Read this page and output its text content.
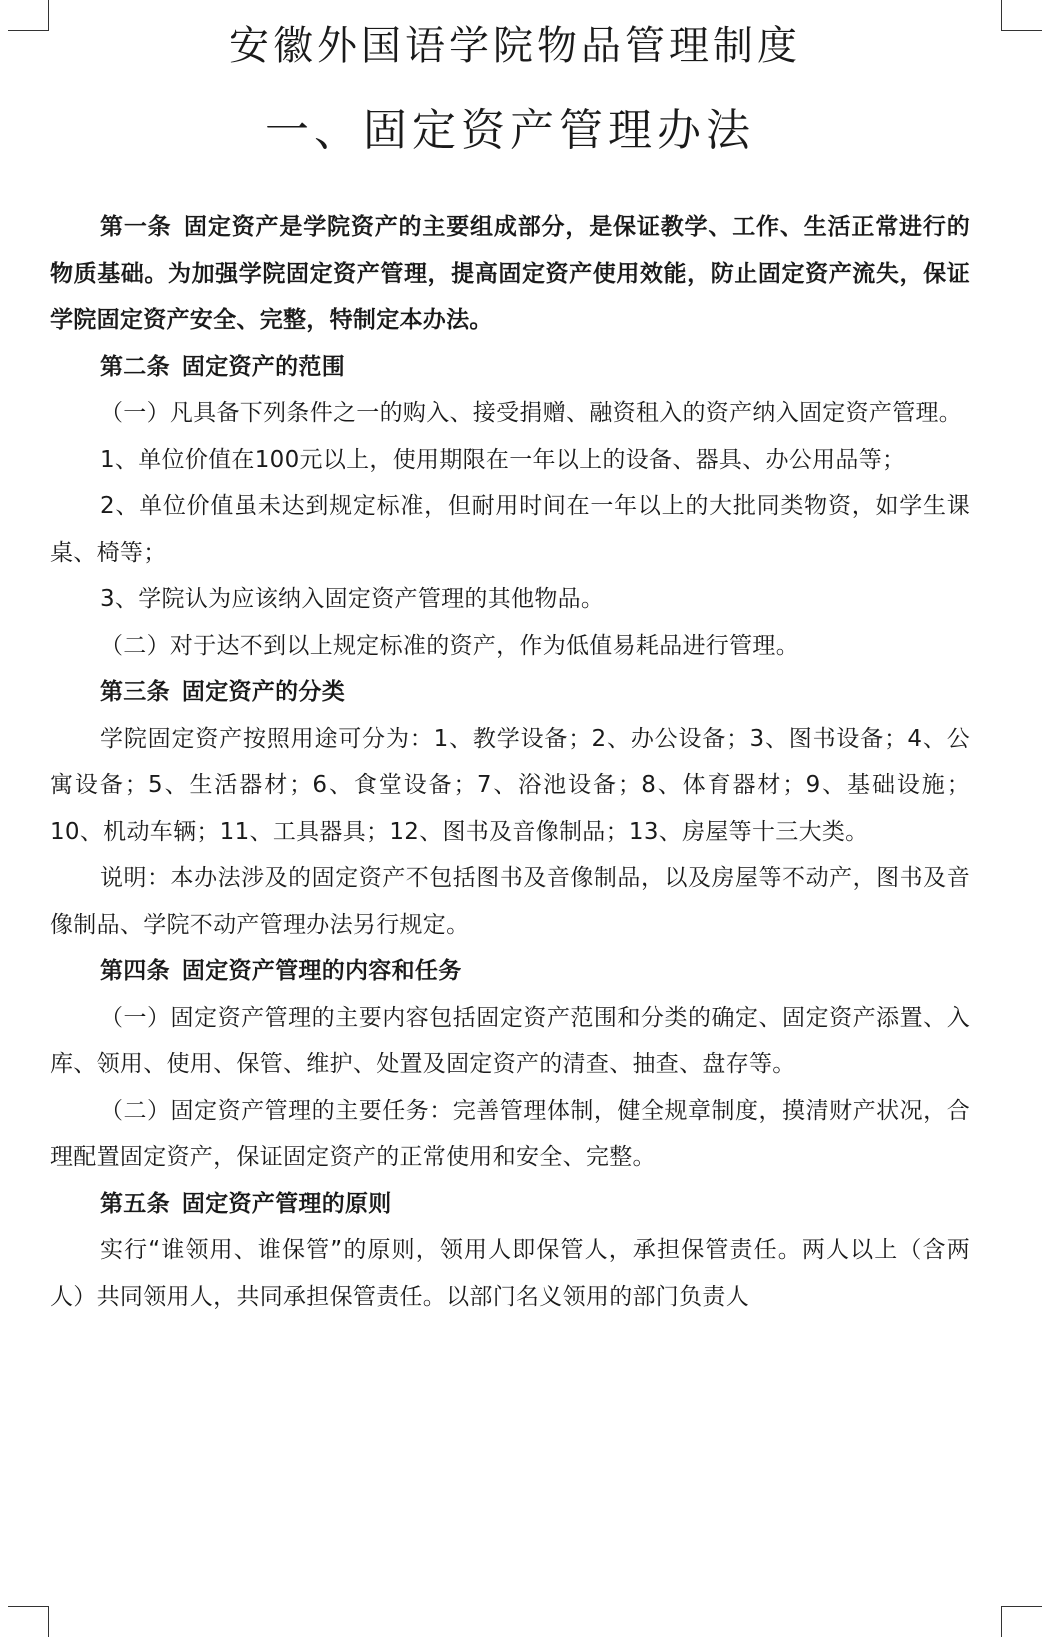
安徽外国语学院物品管理制度
一、固定资产管理办法

第一条 固定资产是学院资产的主要组成部分，是保证教学、工作、生活正常进行的物质基础。为加强学院固定资产管理，提高固定资产使用效能，防止固定资产流失，保证学院固定资产安全、完整，特制定本办法。

第二条 固定资产的范围

（一）凡具备下列条件之一的购入、接受捐赠、融资租入的资产纳入固定资产管理。

1、单位价值在100元以上，使用期限在一年以上的设备、器具、办公用品等；

2、单位价值虽未达到规定标准，但耐用时间在一年以上的大批同类物资，如学生课桌、椅等；

3、学院认为应该纳入固定资产管理的其他物品。

（二）对于达不到以上规定标准的资产，作为低值易耗品进行管理。

第三条 固定资产的分类

学院固定资产按照用途可分为：1、教学设备；2、办公设备；3、图书设备；4、公寓设备；5、生活器材；6、食堂设备；7、浴池设备；8、体育器材；9、基础设施；10、机动车辆；11、工具器具；12、图书及音像制品；13、房屋等十三大类。

说明：本办法涉及的固定资产不包括图书及音像制品，以及房屋等不动产，图书及音像制品、学院不动产管理办法另行规定。

第四条 固定资产管理的内容和任务

（一）固定资产管理的主要内容包括固定资产范围和分类的确定、固定资产添置、入库、领用、使用、保管、维护、处置及固定资产的清查、抽查、盘存等。

（二）固定资产管理的主要任务：完善管理体制，健全规章制度，摸清财产状况，合理配置固定资产，保证固定资产的正常使用和安全、完整。

第五条 固定资产管理的原则

实行“谁领用、谁保管”的原则，领用人即保管人，承担保管责任。两人以上（含两人）共同领用人，共同承担保管责任。以部门名义领用的部门负责人
